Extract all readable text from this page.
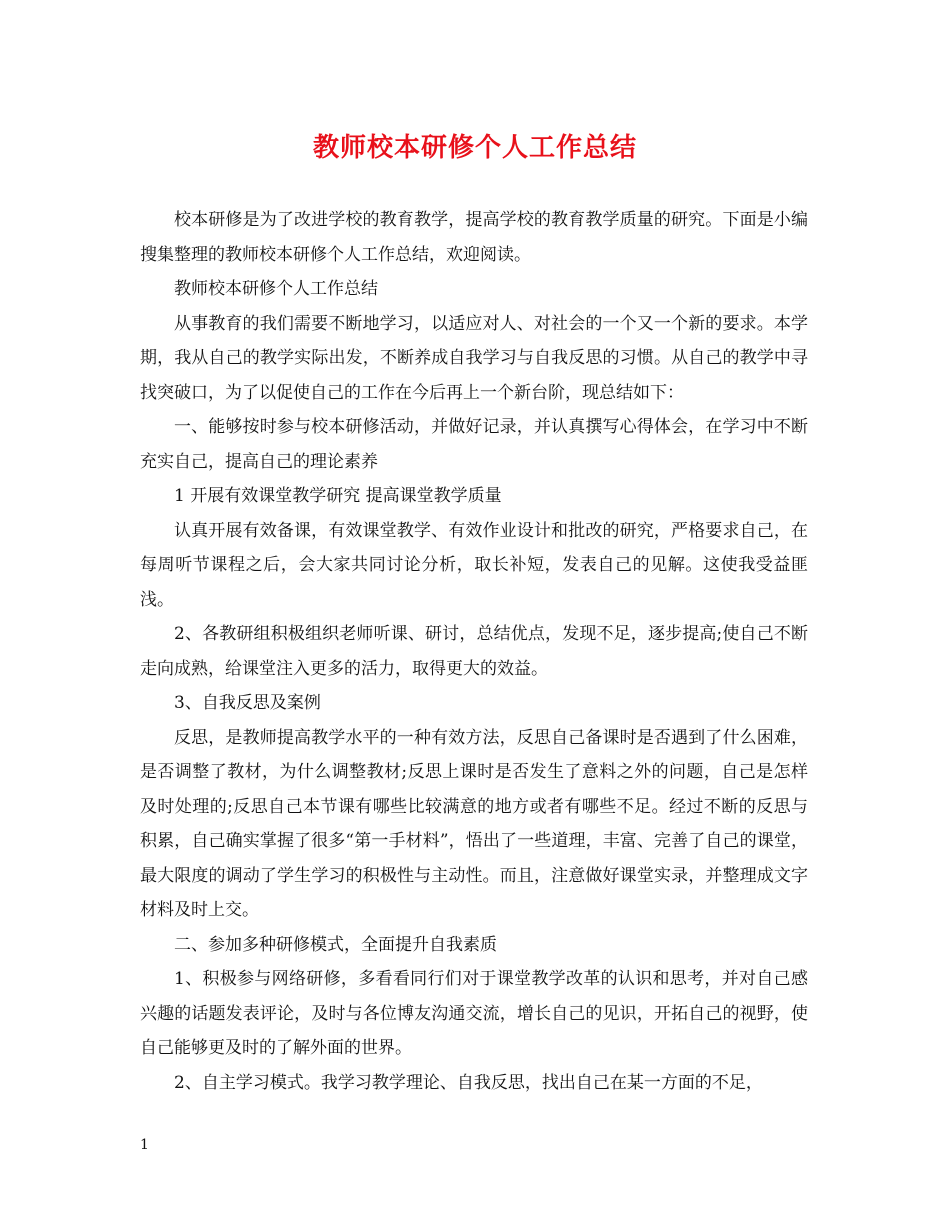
教师校本研修个人工作总结

校本研修是为了改进学校的教育教学，提高学校的教育教学质量的研究。下面是小编搜集整理的教师校本研修个人工作总结，欢迎阅读。

教师校本研修个人工作总结

从事教育的我们需要不断地学习，以适应对人、对社会的一个又一个新的要求。本学期，我从自己的教学实际出发，不断养成自我学习与自我反思的习惯。从自己的教学中寻找突破口，为了以促使自己的工作在今后再上一个新台阶，现总结如下：

一、能够按时参与校本研修活动，并做好记录，并认真撰写心得体会，在学习中不断充实自己，提高自己的理论素养

1 开展有效课堂教学研究 提高课堂教学质量

认真开展有效备课，有效课堂教学、有效作业设计和批改的研究，严格要求自己，在每周听节课程之后，会大家共同讨论分析，取长补短，发表自己的见解。这使我受益匪浅。

2、各教研组积极组织老师听课、研讨，总结优点，发现不足，逐步提高;使自己不断走向成熟，给课堂注入更多的活力，取得更大的效益。

3、自我反思及案例

反思，是教师提高教学水平的一种有效方法，反思自己备课时是否遇到了什么困难，是否调整了教材，为什么调整教材;反思上课时是否发生了意料之外的问题，自己是怎样及时处理的;反思自己本节课有哪些比较满意的地方或者有哪些不足。经过不断的反思与积累，自己确实掌握了很多“第一手材料”，悟出了一些道理，丰富、完善了自己的课堂，最大限度的调动了学生学习的积极性与主动性。而且，注意做好课堂实录，并整理成文字材料及时上交。

二、参加多种研修模式，全面提升自我素质

1、积极参与网络研修，多看看同行们对于课堂教学改革的认识和思考，并对自己感兴趣的话题发表评论，及时与各位博友沟通交流，增长自己的见识，开拓自己的视野，使自己能够更及时的了解外面的世界。

2、自主学习模式。我学习教学理论、自我反思，找出自己在某一方面的不足，

1
